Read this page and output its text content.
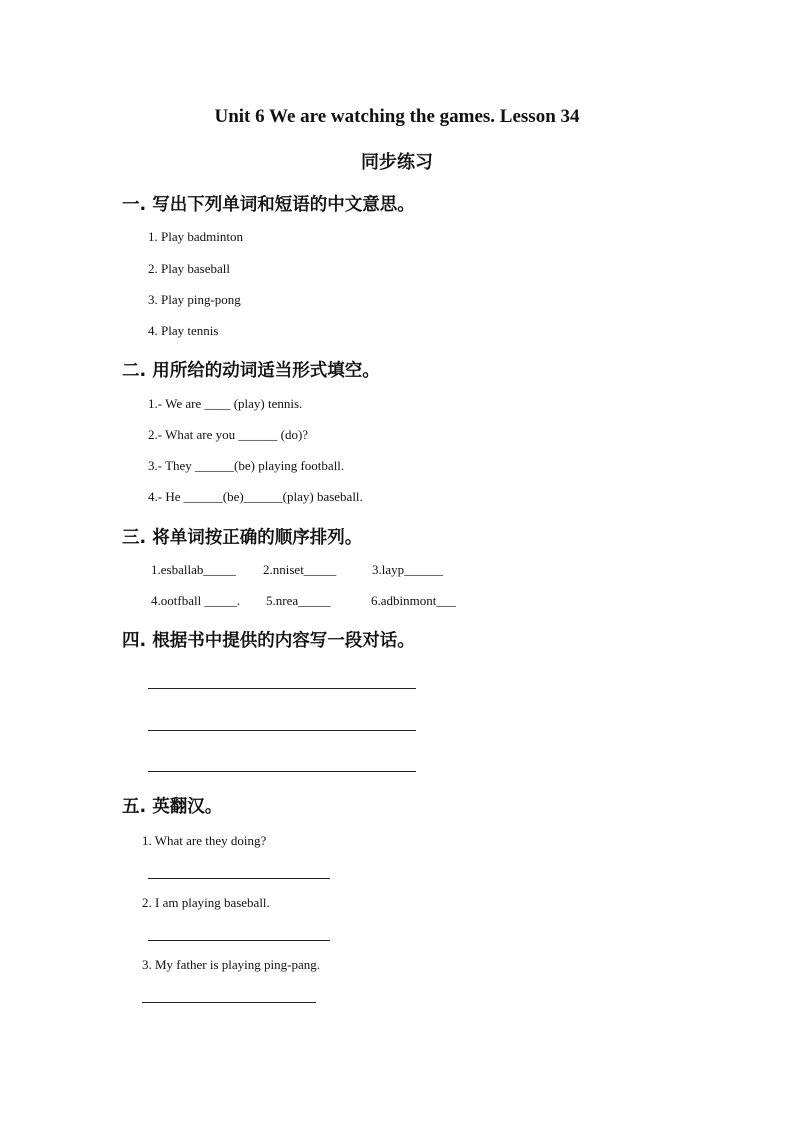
Unit 6 We are watching the games. Lesson 34
同步练习
一. 写出下列单词和短语的中文意思。
1. Play badminton
2. Play baseball
3. Play ping-pong
4. Play tennis
二. 用所给的动词适当形式填空。
1.- We are ____ (play) tennis.
2.- What are you ______ (do)?
3.- They ______(be) playing football.
4.- He ______(be)______(play) baseball.
三. 将单词按正确的顺序排列。
1.esballab_____ 2.nniset_____	3.layp______
4.ootfball _____. 5.nrea_____	6.adbinmont___
四. 根据书中提供的内容写一段对话。
五. 英翻汉。
1. What are they doing?
2. I am playing baseball.
3. My father is playing ping-pang.
